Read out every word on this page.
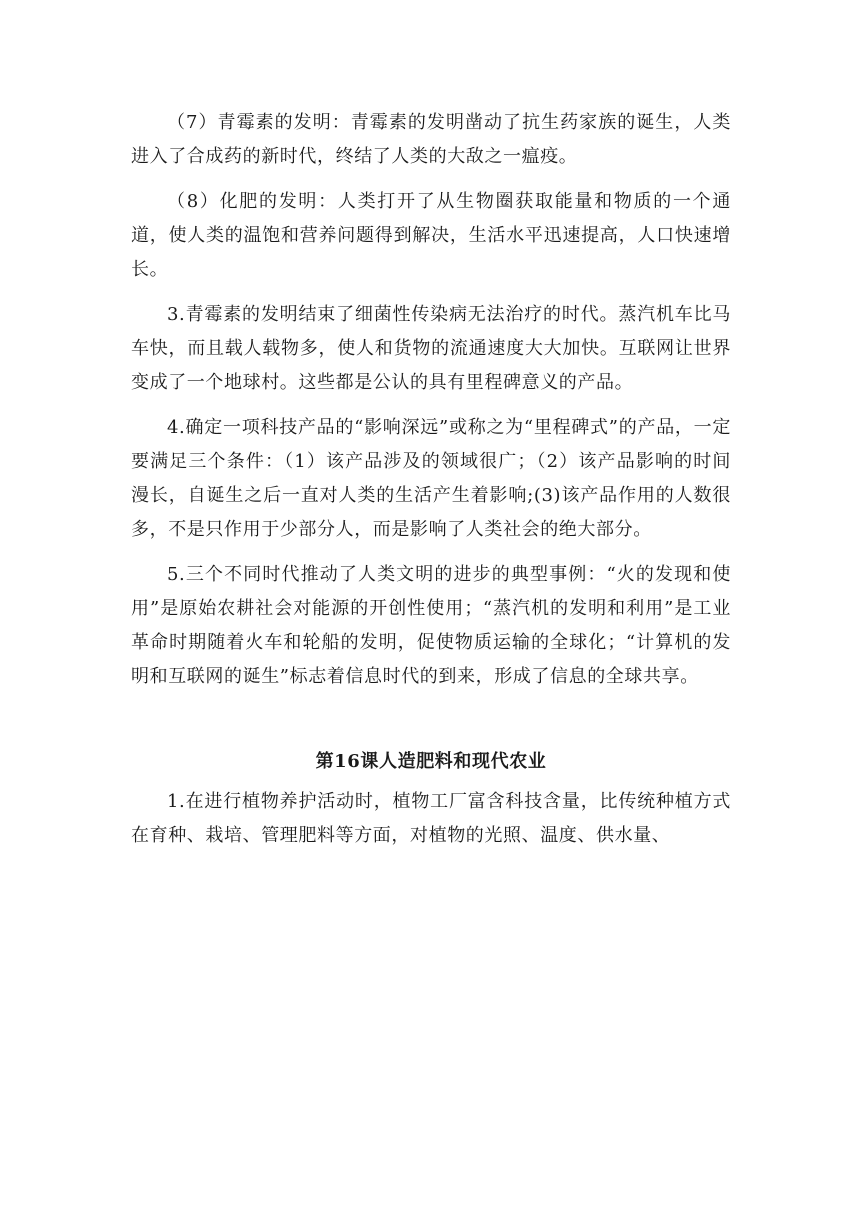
（7）青霉素的发明：青霉素的发明凿动了抗生药家族的诞生，人类进入了合成药的新时代，终结了人类的大敌之一瘟疫。

（8）化肥的发明：人类打开了从生物圈获取能量和物质的一个通道，使人类的温饱和营养问题得到解决，生活水平迅速提高，人口快速增长。

3.青霉素的发明结束了细菌性传染病无法治疗的时代。蒸汽机车比马车快，而且载人载物多，使人和货物的流通速度大大加快。互联网让世界变成了一个地球村。这些都是公认的具有里程碑意义的产品。

4.确定一项科技产品的“影响深远”或称之为“里程碑式”的产品，一定要满足三个条件：（1）该产品涉及的领域很广；（2）该产品影响的时间漫长，自诞生之后一直对人类的生活产生着影响;(3)该产品作用的人数很多，不是只作用于少部分人，而是影响了人类社会的绝大部分。

5.三个不同时代推动了人类文明的进步的典型事例：“火的发现和使用”是原始农耕社会对能源的开创性使用；“蒸汽机的发明和利用”是工业革命时期随着火车和轮船的发明，促使物质运输的全球化；“计算机的发明和互联网的诞生”标志着信息时代的到来，形成了信息的全球共享。

第16课人造肥料和现代农业

1.在进行植物养护活动时，植物工厂富含科技含量，比传统种植方式在育种、栽培、管理肥料等方面，对植物的光照、温度、供水量、
